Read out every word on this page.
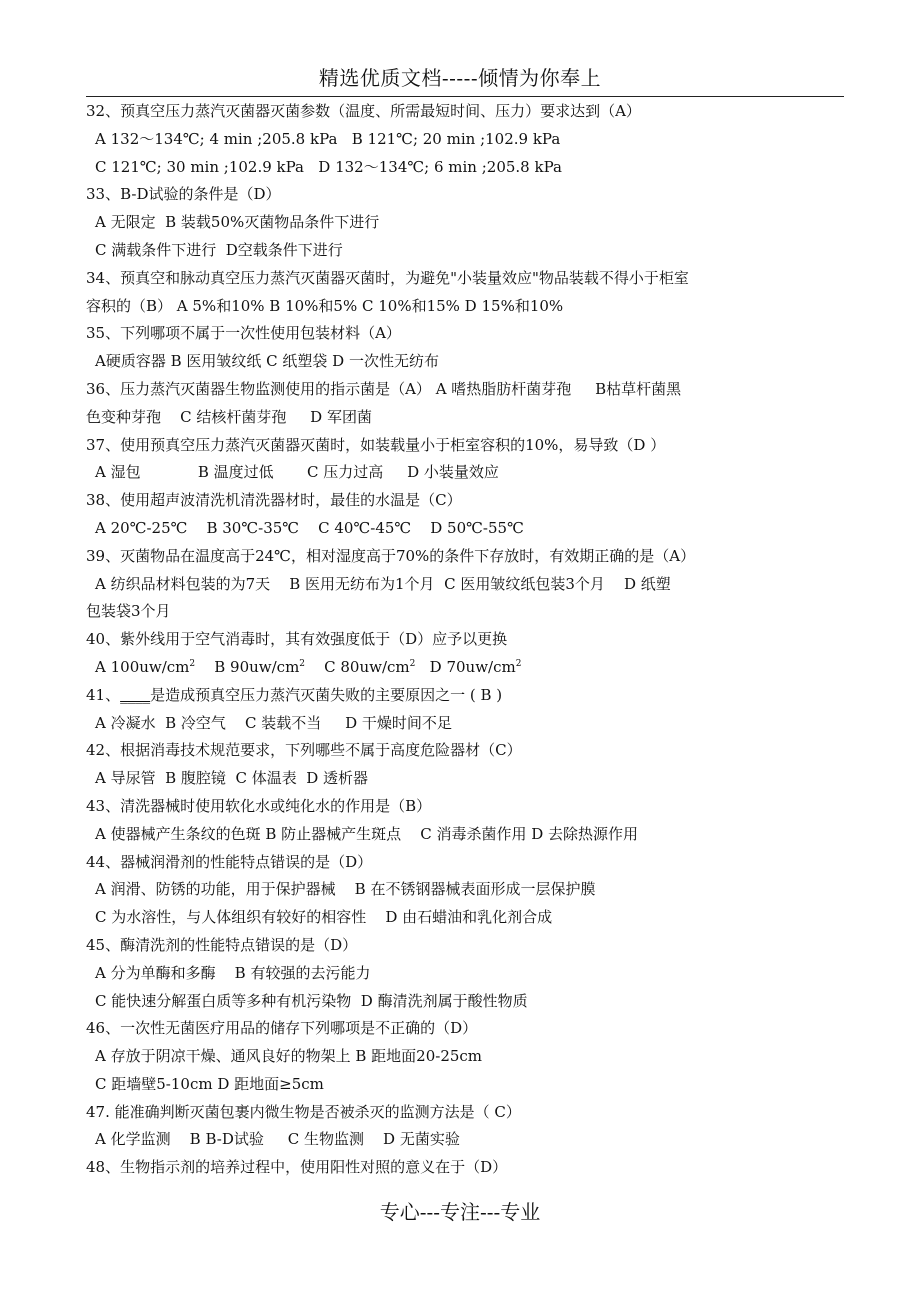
精选优质文档-----倾情为你奉上
32、预真空压力蒸汽灭菌器灭菌参数（温度、所需最短时间、压力）要求达到（A）
A 132～134℃; 4 min ;205.8 kPa   B 121℃; 20 min ;102.9 kPa
C 121℃; 30 min ;102.9 kPa   D 132～134℃; 6 min ;205.8 kPa
33、B-D试验的条件是（D）
A 无限定  B 装载50%灭菌物品条件下进行
C 满载条件下进行  D空载条件下进行
34、预真空和脉动真空压力蒸汽灭菌器灭菌时，为避免"小装量效应"物品装载不得小于柜室
容积的（B） A 5%和10% B 10%和5% C 10%和15% D 15%和10%
35、下列哪项不属于一次性使用包装材料（A）
A硬质容器 B 医用皱纹纸 C 纸塑袋 D 一次性无纺布
36、压力蒸汽灭菌器生物监测使用的指示菌是（A） A 嗜热脂肪杆菌芽孢     B枯草杆菌黑
色变种芽孢    C 结核杆菌芽孢     D 军团菌
37、使用预真空压力蒸汽灭菌器灭菌时，如装载量小于柜室容积的10%，易导致（D ）
A 湿包            B 温度过低       C 压力过高     D 小装量效应
38、使用超声波清洗机清洗器材时，最佳的水温是（C）
A 20℃-25℃    B 30℃-35℃    C 40℃-45℃    D 50℃-55℃
39、灭菌物品在温度高于24℃，相对湿度高于70%的条件下存放时，有效期正确的是（A）
A 纺织品材料包装的为7天    B 医用无纺布为1个月  C 医用皱纹纸包装3个月    D 纸塑
包装袋3个月
40、紫外线用于空气消毒时，其有效强度低于（D）应予以更换
A $100uw/cm^2$ B $90uw/cm^2$ C $80uw/cm^2$ D $70uw/cm^2$
41、____是造成预真空压力蒸汽灭菌失败的主要原因之一 ( B )
A 冷凝水  B 冷空气    C 装载不当     D 干燥时间不足
42、根据消毒技术规范要求，下列哪些不属于高度危险器材（C）
A 导尿管  B 腹腔镜  C 体温表  D 透析器
43、清洗器械时使用软化水或纯化水的作用是（B）
A 使器械产生条纹的色斑 B 防止器械产生斑点    C 消毒杀菌作用 D 去除热源作用
44、器械润滑剂的性能特点错误的是（D）
A 润滑、防锈的功能，用于保护器械    B 在不锈钢器械表面形成一层保护膜
C 为水溶性，与人体组织有较好的相容性    D 由石蜡油和乳化剂合成
45、酶清洗剂的性能特点错误的是（D）
A 分为单酶和多酶    B 有较强的去污能力
C 能快速分解蛋白质等多种有机污染物  D 酶清洗剂属于酸性物质
46、一次性无菌医疗用品的储存下列哪项是不正确的（D）
A 存放于阴凉干燥、通风良好的物架上 B 距地面20-25cm
C 距墙壁5-10cm D 距地面≥5cm
47. 能准确判断灭菌包裹内微生物是否被杀灭的监测方法是（ C）
A 化学监测    B B-D试验     C 生物监测    D 无菌实验
48、生物指示剂的培养过程中，使用阳性对照的意义在于（D）
专心---专注---专业
